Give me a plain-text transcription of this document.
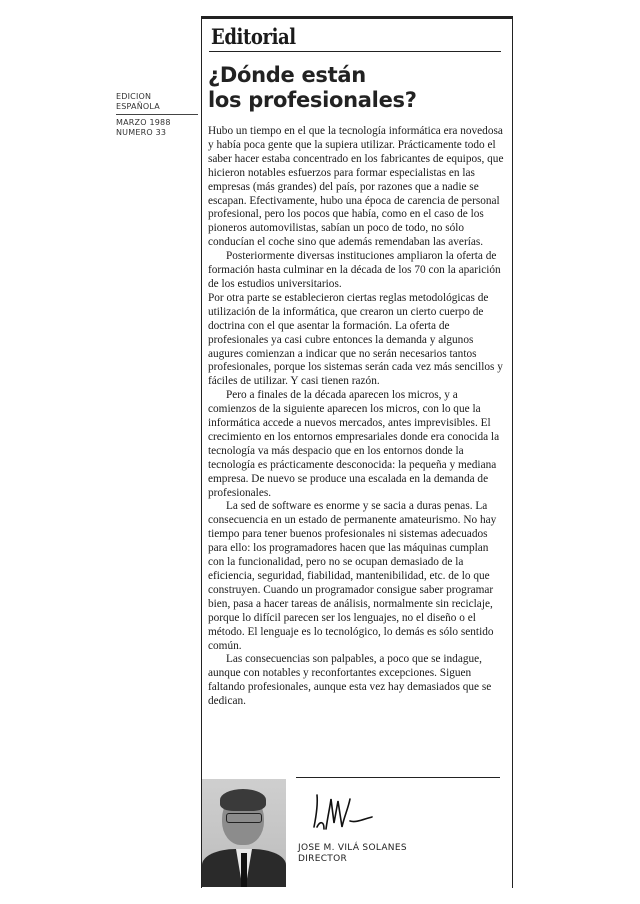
EDICION
ESPAÑOLA
MARZO 1988
NUMERO 33
Editorial
¿Dónde están
los profesionales?

Hubo un tiempo en el que la tecnología informática era novedosa y había poca gente que la supiera utilizar. Prácticamente todo el saber hacer estaba concentrado en los fabricantes de equipos, que hicieron notables esfuerzos para formar especialistas en las empresas (más grandes) del país, por razones que a nadie se escapan. Efectivamente, hubo una época de carencia de personal profesional, pero los pocos que había, como en el caso de los pioneros automovilistas, sabían un poco de todo, no sólo conducían el coche sino que además remendaban las averías.

Posteriormente diversas instituciones ampliaron la oferta de formación hasta culminar en la década de los 70 con la aparición de los estudios universitarios.

Por otra parte se establecieron ciertas reglas metodológicas de utilización de la informática, que crearon un cierto cuerpo de doctrina con el que asentar la formación. La oferta de profesionales ya casi cubre entonces la demanda y algunos augures comienzan a indicar que no serán necesarios tantos profesionales, porque los sistemas serán cada vez más sencillos y fáciles de utilizar. Y casi tienen razón.

Pero a finales de la década aparecen los micros, y a comienzos de la siguiente aparecen los micros, con lo que la informática accede a nuevos mercados, antes imprevisibles. El crecimiento en los entornos empresariales donde era conocida la tecnología va más despacio que en los entornos donde la tecnología es prácticamente desconocida: la pequeña y mediana empresa. De nuevo se produce una escalada en la demanda de profesionales.

La sed de software es enorme y se sacia a duras penas. La consecuencia en un estado de permanente amateurismo. No hay tiempo para tener buenos profesionales ni sistemas adecuados para ello: los programadores hacen que las máquinas cumplan con la funcionalidad, pero no se ocupan demasiado de la eficiencia, seguridad, fiabilidad, mantenibilidad, etc. de lo que construyen. Cuando un programador consigue saber programar bien, pasa a hacer tareas de análisis, normalmente sin reciclaje, porque lo difícil parecen ser los lenguajes, no el diseño o el método. El lenguaje es lo tecnológico, lo demás es sólo sentido común.

Las consecuencias son palpables, a poco que se indague, aunque con notables y reconfortantes excepciones. Siguen faltando profesionales, aunque esta vez hay demasiados que se dedican.

JOSE M. VILÁ SOLANES
DIRECTOR
